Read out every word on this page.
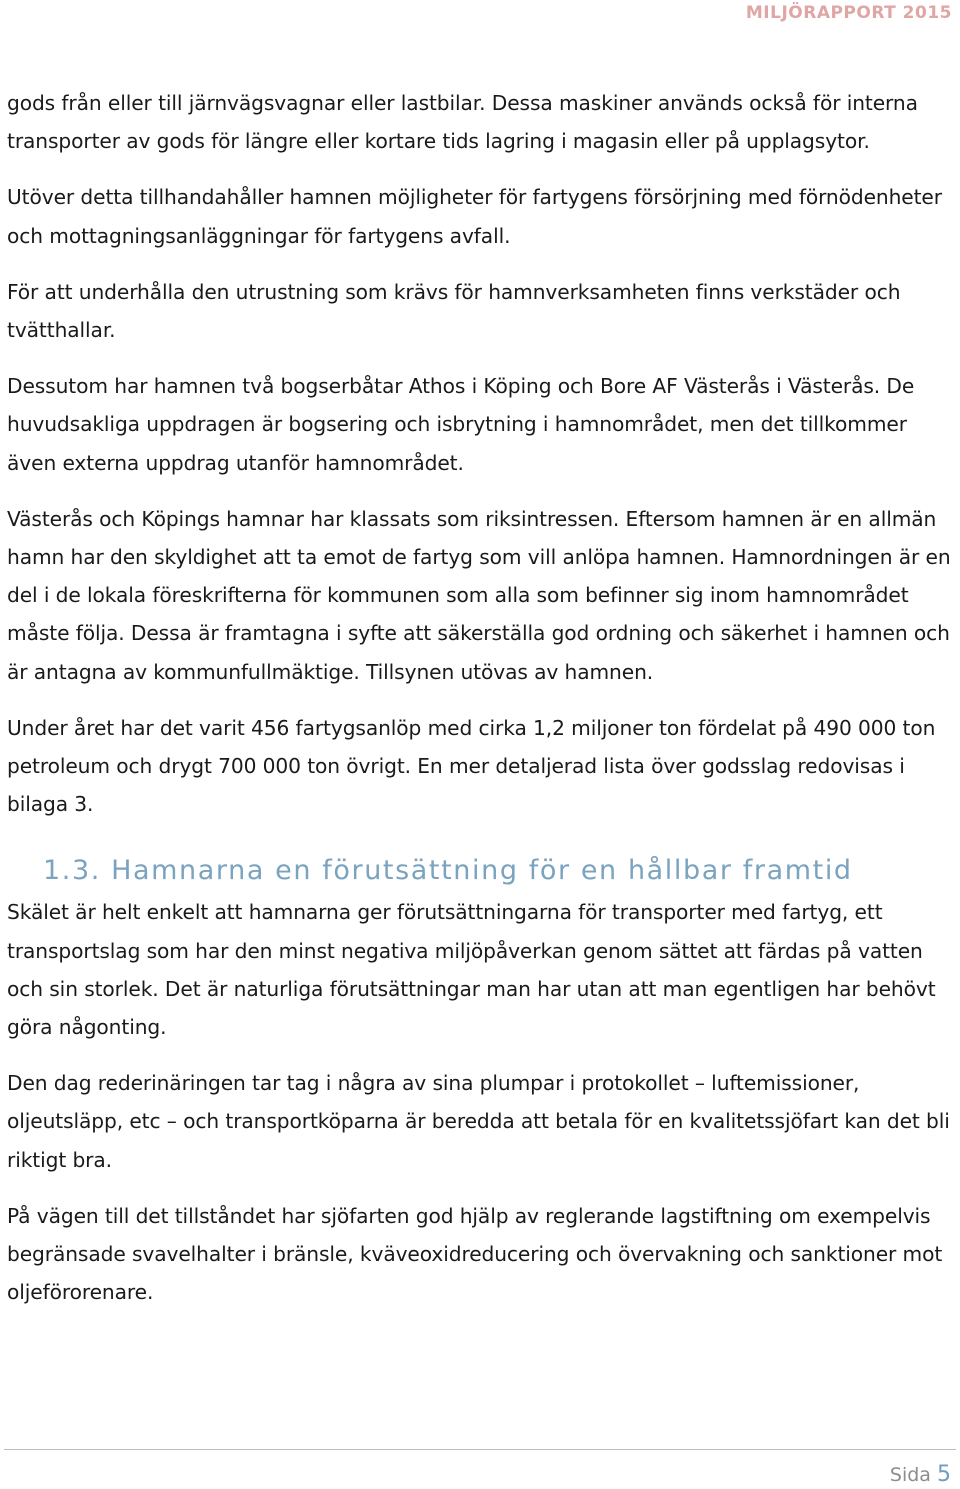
MILJÖRAPPORT 2015

gods från eller till järnvägsvagnar eller lastbilar. Dessa maskiner används också för interna transporter av gods för längre eller kortare tids lagring i magasin eller på upplagsytor.

Utöver detta tillhandahåller hamnen möjligheter för fartygens försörjning med förnödenheter och mottagningsanläggningar för fartygens avfall.

För att underhålla den utrustning som krävs för hamnverksamheten finns verkstäder och tvätthallar.

Dessutom har hamnen två bogserbåtar Athos i Köping och Bore AF Västerås i Västerås. De huvudsakliga uppdragen är bogsering och isbrytning i hamnområdet, men det tillkommer även externa uppdrag utanför hamnområdet.

Västerås och Köpings hamnar har klassats som riksintressen. Eftersom hamnen är en allmän hamn har den skyldighet att ta emot de fartyg som vill anlöpa hamnen. Hamnordningen är en del i de lokala föreskrifterna för kommunen som alla som befinner sig inom hamnområdet måste följa. Dessa är framtagna i syfte att säkerställa god ordning och säkerhet i hamnen och är antagna av kommunfullmäktige. Tillsynen utövas av hamnen.

Under året har det varit 456 fartygsanlöp med cirka 1,2 miljoner ton fördelat på 490 000 ton petroleum och drygt 700 000 ton övrigt. En mer detaljerad lista över godsslag redovisas i bilaga 3.

1.3. Hamnarna en förutsättning för en hållbar framtid

Skälet är helt enkelt att hamnarna ger förutsättningarna för transporter med fartyg, ett transportslag som har den minst negativa miljöpåverkan genom sättet att färdas på vatten och sin storlek. Det är naturliga förutsättningar man har utan att man egentligen har behövt göra någonting.

Den dag rederinäringen tar tag i några av sina plumpar i protokollet – luftemissioner, oljeutsläpp, etc – och transportköparna är beredda att betala för en kvalitetssjöfart kan det bli riktigt bra.

På vägen till det tillståndet har sjöfarten god hjälp av reglerande lagstiftning om exempelvis begränsade svavelhalter i bränsle, kväveoxidreducering och övervakning och sanktioner mot oljeförorenare.

Sida 5
